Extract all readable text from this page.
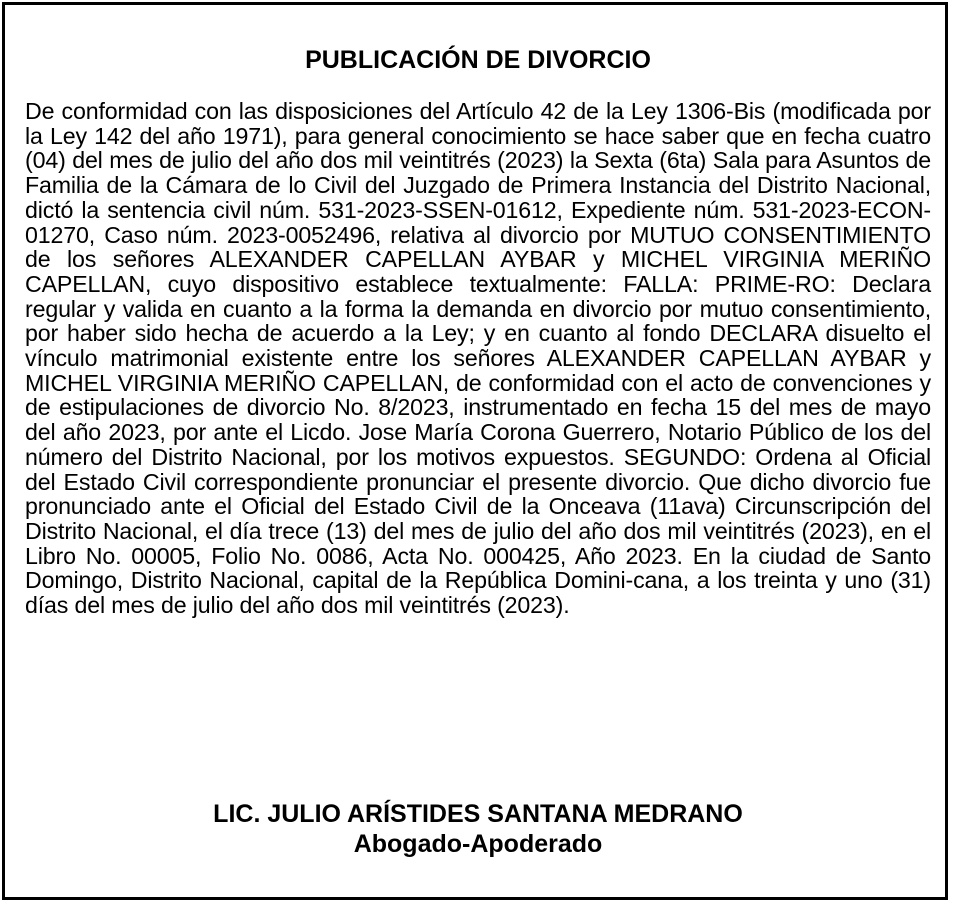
PUBLICACIÓN DE DIVORCIO

De conformidad con las disposiciones del Artículo 42 de la Ley 1306-Bis (modificada por la Ley 142 del año 1971), para general conocimiento se hace saber que en fecha cuatro (04) del mes de julio del año dos mil veintitrés (2023) la Sexta (6ta) Sala para Asuntos de Familia de la Cámara de lo Civil del Juzgado de Primera Instancia del Distrito Nacional, dictó la sentencia civil núm. 531-2023-SSEN-01612, Expediente núm. 531-2023-ECON-01270, Caso núm. 2023-0052496, relativa al divorcio por MUTUO CONSENTIMIENTO de los señores ALEXANDER CAPELLAN AYBAR y MICHEL VIRGINIA MERIÑO CAPELLAN, cuyo dispositivo establece textualmente: FALLA: PRIME-RO: Declara regular y valida en cuanto a la forma la demanda en divorcio por mutuo consentimiento, por haber sido hecha de acuerdo a la Ley; y en cuanto al fondo DECLARA disuelto el vínculo matrimonial existente entre los señores ALEXANDER CAPELLAN AYBAR y MICHEL VIRGINIA MERIÑO CAPELLAN, de conformidad con el acto de convenciones y de estipulaciones de divorcio No. 8/2023, instrumentado en fecha 15 del mes de mayo del año 2023, por ante el Licdo. Jose María Corona Guerrero, Notario Público de los del número del Distrito Nacional, por los motivos expuestos. SEGUNDO: Ordena al Oficial del Estado Civil correspondiente pronunciar el presente divorcio. Que dicho divorcio fue pronunciado ante el Oficial del Estado Civil de la Onceava (11ava) Circunscripción del Distrito Nacional, el día trece (13) del mes de julio del año dos mil veintitrés (2023), en el Libro No. 00005, Folio No. 0086, Acta No. 000425, Año 2023. En la ciudad de Santo Domingo, Distrito Nacional, capital de la República Domini-cana, a los treinta y uno (31) días del mes de julio del año dos mil veintitrés (2023).

LIC. JULIO ARÍSTIDES SANTANA MEDRANO
Abogado-Apoderado
